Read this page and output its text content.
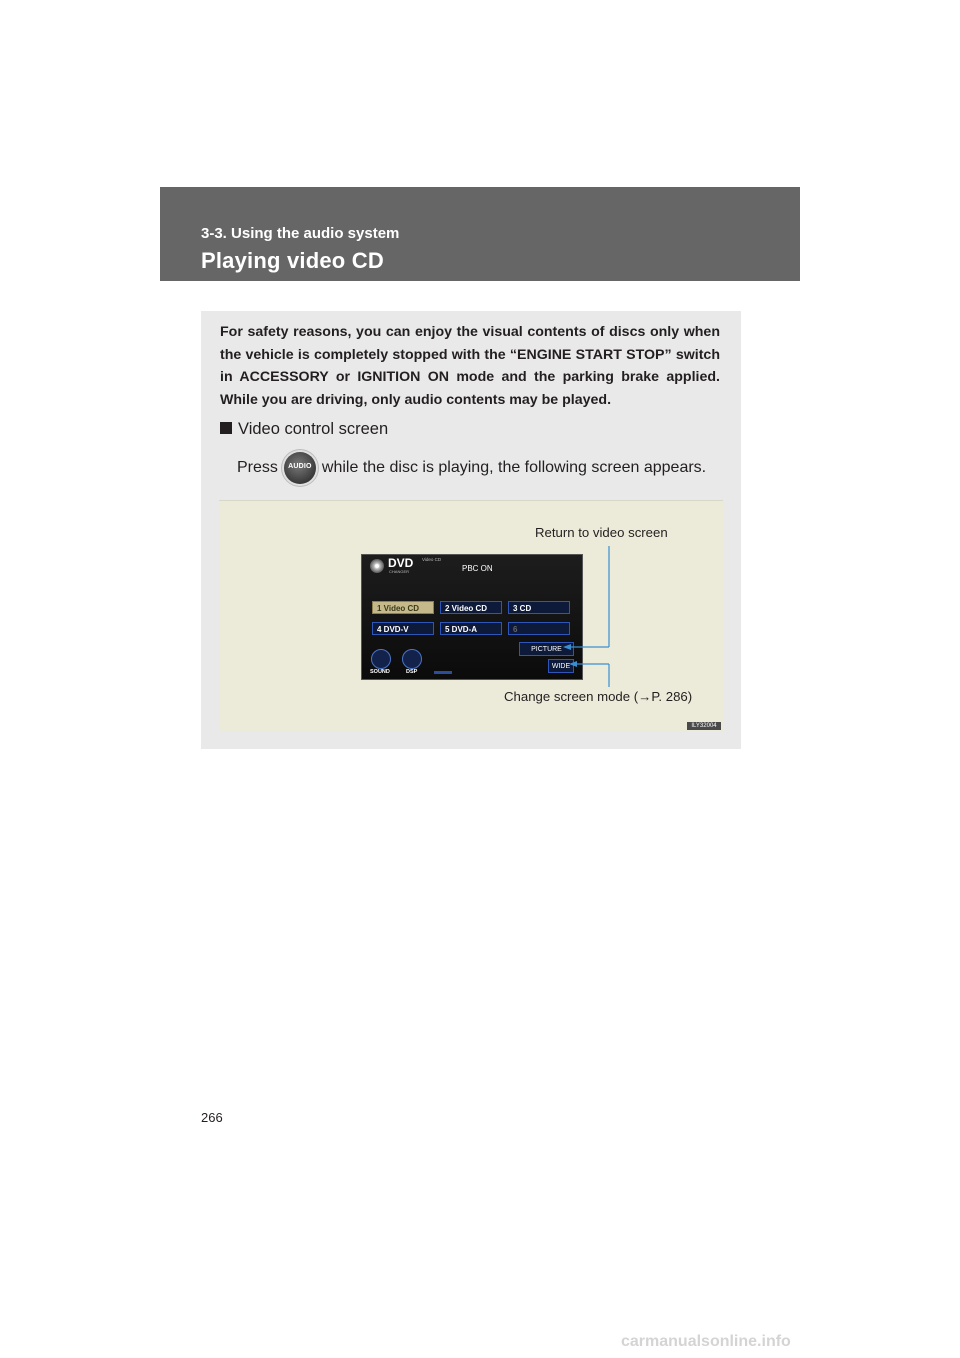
3-3. Using the audio system
Playing video CD
For safety reasons, you can enjoy the visual contents of discs only when the vehicle is completely stopped with the “ENGINE START STOP” switch in ACCESSORY or IGNITION ON mode and the parking brake applied. While you are driving, only audio contents may be played.
Video control screen
Press	AUDIO while the disc is playing, the following screen appears.
Return to video screen
DVD
CHANGER
Video CD
PBC ON
1 Video CD	2 Video CD	3 CD
4 DVD-V	5 DVD-A	6
PICTURE
WIDE
SOUND	DSP
Change screen mode (→P. 286)
ILY32004
266
carmanualsonline.info
